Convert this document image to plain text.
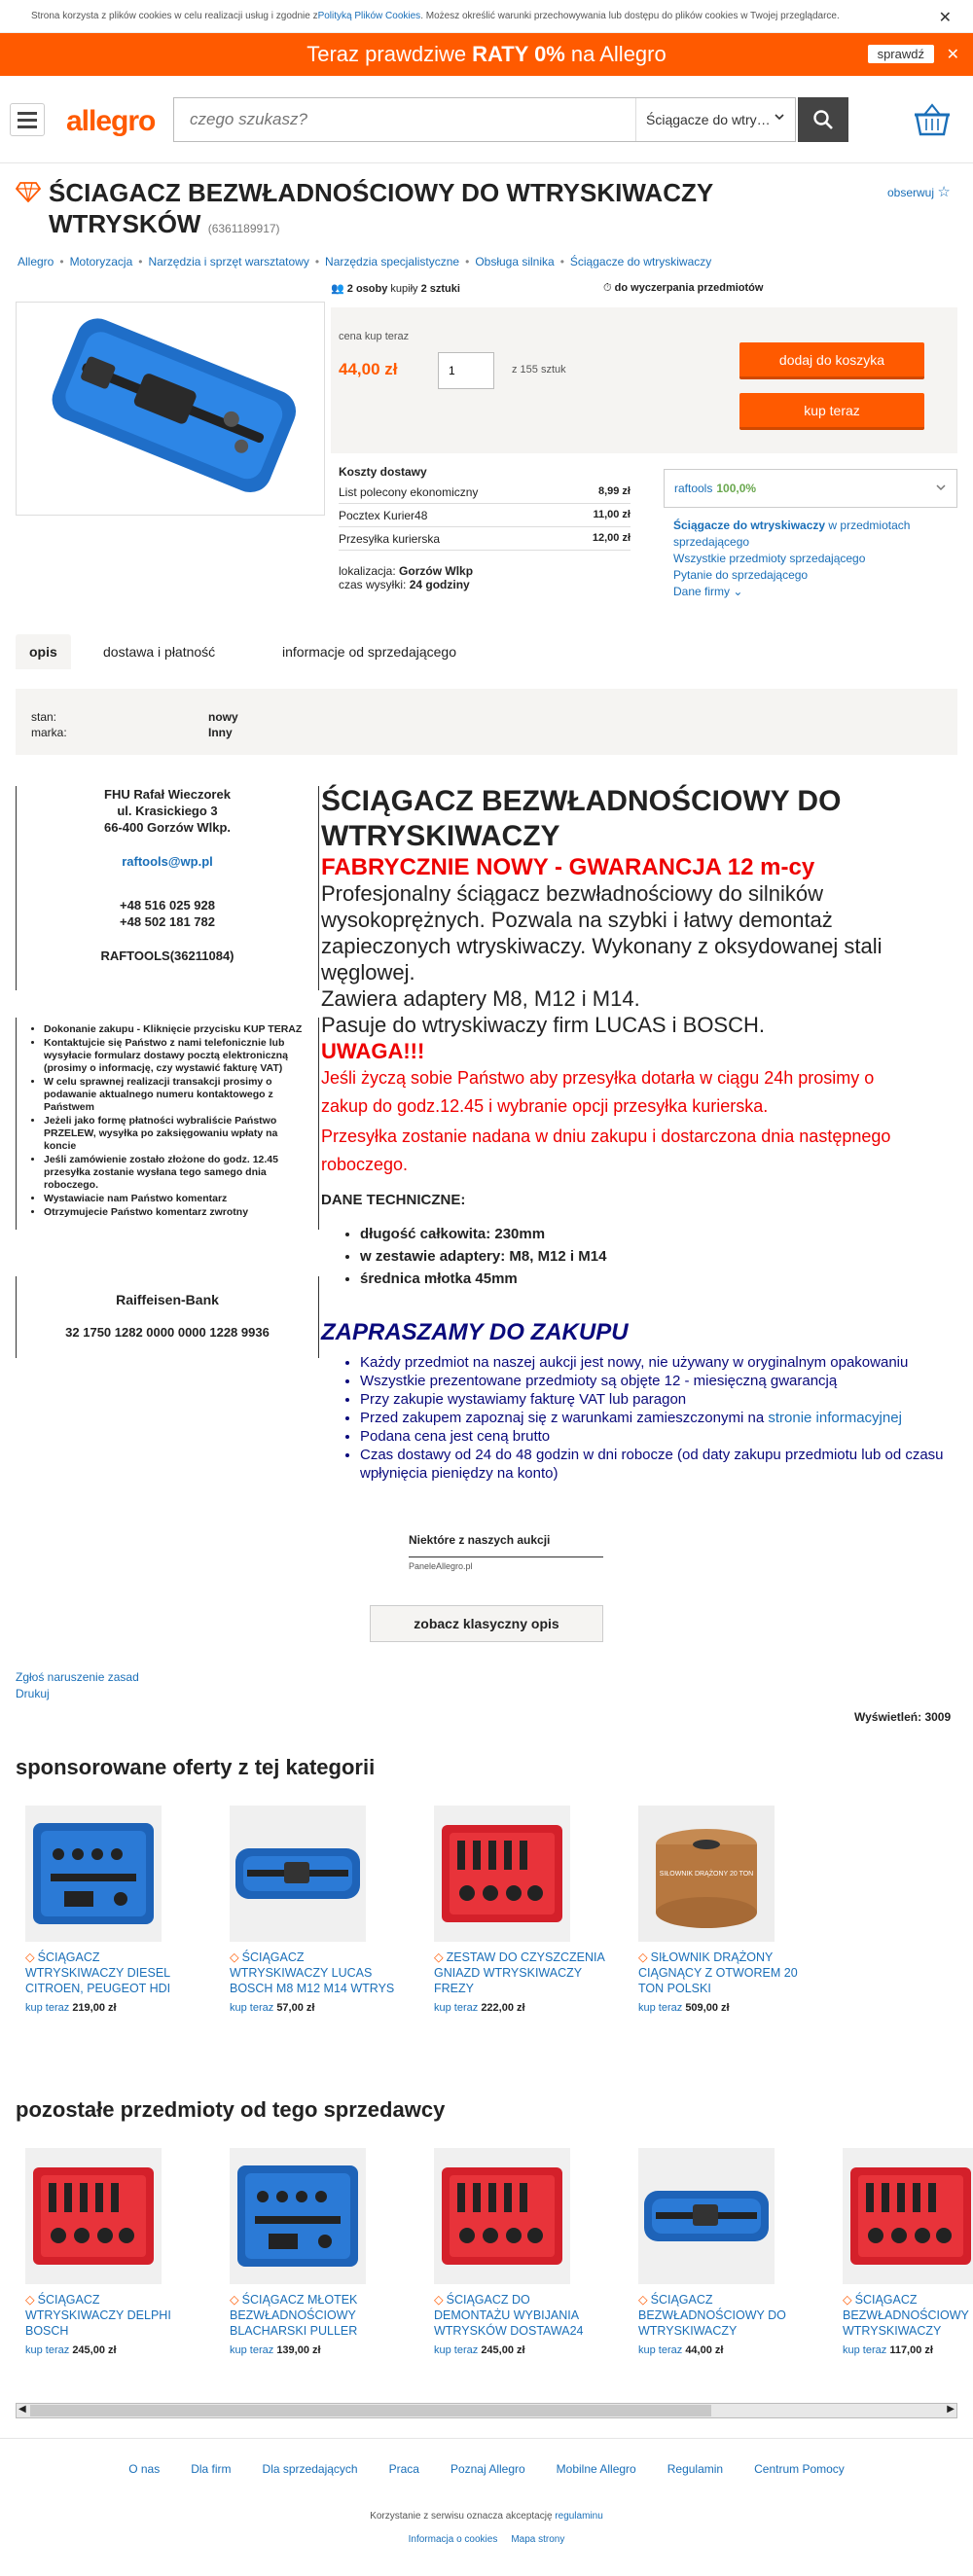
Strona korzysta z plików cookies w celu realizacji usług i zgodnie z Polityką Plików Cookies . Możesz określić warunki przechowywania lub dostępu do plików cookies w Twojej przeglądarce.	✕
Teraz prawdziwe RATY 0% na Allegro	sprawdź	✕
allegro
czego szukasz?	Ściągacze do wtry…
ŚCIAGACZ BEZWŁADNOŚCIOWY DO WTRYSKIWACZY WTRYSKÓW (6361189917)
obserwuj ☆
Allegro • Motoryzacja • Narzędzia i sprzęt warsztatowy • Narzędzia specjalistyczne • Obsługa silnika • Ściągacze do wtryskiwaczy
👥 2 osoby kupiły 2 sztuki	⏱ do wyczerpania przedmiotów
cena kup teraz
44,00 zł
1	z 155 sztuk
dodaj do koszyka
kup teraz
Koszty dostawy
List polecony ekonomiczny	8,99 zł
Pocztex Kurier48	11,00 zł
Przesyłka kurierska	12,00 zł
lokalizacja: Gorzów Wlkp
czas wysyłki: 24 godziny
raftools 100,0%
Ściągacze do wtryskiwaczy w przedmiotach sprzedającego
Wszystkie przedmioty sprzedającego
Pytanie do sprzedającego
Dane firmy ⌄
opis	dostawa i płatność	informacje od sprzedającego
stan:	nowy
marka:	Inny
FHU Rafał Wieczorek
ul. Krasickiego 3
66-400 Gorzów Wlkp.
raftools@wp.pl
+48 516 025 928
+48 502 181 782
RAFTOOLS(36211084)
• Dokonanie zakupu - Kliknięcie przycisku KUP TERAZ
• Kontaktujcie się Państwo z nami telefonicznie lub wysyłacie formularz dostawy pocztą elektroniczną (prosimy o informację, czy wystawić fakturę VAT)
• W celu sprawnej realizacji transakcji prosimy o podawanie aktualnego numeru kontaktowego z Państwem
• Jeżeli jako formę płatności wybraliście Państwo PRZELEW, wysyłka po zaksięgowaniu wpłaty na koncie
• Jeśli zamówienie zostało złożone do godz. 12.45 przesyłka zostanie wysłana tego samego dnia roboczego.
• Wystawiacie nam Państwo komentarz
• Otrzymujecie Państwo komentarz zwrotny
Raiffeisen-Bank
32 1750 1282 0000 0000 1228 9936
ŚCIĄGACZ BEZWŁADNOŚCIOWY DO WTRYSKIWACZY
FABRYCZNIE NOWY - GWARANCJA 12 m-cy
Profesjonalny ściągacz bezwładnościowy do silników wysokoprężnych. Pozwala na szybki i łatwy demontaż zapieczonych wtryskiwaczy. Wykonany z oksydowanej stali węglowej.
Zawiera adaptery M8, M12 i M14.
Pasuje do wtryskiwaczy firm LUCAS i BOSCH.
UWAGA!!!
Jeśli życzą sobie Państwo aby przesyłka dotarła w ciągu 24h prosimy o zakup do godz.12.45 i wybranie opcji przesyłka kurierska.
Przesyłka zostanie nadana w dniu zakupu i dostarczona dnia następnego roboczego.
DANE TECHNICZNE:
• długość całkowita: 230mm
• w zestawie adaptery: M8, M12 i M14
• średnica młotka 45mm
ZAPRASZAMY DO ZAKUPU
• Każdy przedmiot na naszej aukcji jest nowy, nie używany w oryginalnym opakowaniu
• Wszystkie prezentowane przedmioty są objęte 12 - miesięczną gwarancją
• Przy zakupie wystawiamy fakturę VAT lub paragon
• Przed zakupem zapoznaj się z warunkami zamieszczonymi na stronie informacyjnej
• Podana cena jest ceną brutto
• Czas dostawy od 24 do 48 godzin w dni robocze (od daty zakupu przedmiotu lub od czasu wpłynięcia pieniędzy na konto)
Niektóre z naszych aukcji
PanelеAllegro.pl
zobacz klasyczny opis
Zgłoś naruszenie zasad
Drukuj
Wyświetleń: 3009
sponsorowane oferty z tej kategorii
◇ ŚCIĄGACZ WTRYSKIWACZY DIESEL CITROEN, PEUGEOT HDI
kup teraz 219,00 zł
◇ ŚCIĄGACZ WTRYSKIWACZY LUCAS BOSCH M8 M12 M14 WTRYS
kup teraz 57,00 zł
◇ ZESTAW DO CZYSZCZENIA GNIAZD WTRYSKIWACZY FREZY
kup teraz 222,00 zł
SIŁOWNIK DRĄŻONY 20 TON
◇ SIŁOWNIK DRĄŻONY CIĄGNĄCY Z OTWOREM 20 TON POLSKI
kup teraz 509,00 zł
pozostałe przedmioty od tego sprzedawcy
◇ ŚCIĄGACZ WTRYSKIWACZY DELPHI BOSCH
kup teraz 245,00 zł
◇ ŚCIĄGACZ MŁOTEK BEZWŁADNOŚCIOWY BLACHARSKI PULLER
kup teraz 139,00 zł
◇ ŚCIĄGACZ DO DEMONTAŻU WYBIJANIA WTRYSKÓW DOSTAWA24
kup teraz 245,00 zł
◇ ŚCIĄGACZ BEZWŁADNOŚCIOWY DO WTRYSKIWACZY
kup teraz 44,00 zł
◇ ŚCIĄGACZ BEZWŁADNOŚCIOWY WTRYSKIWACZY
kup teraz 117,00 zł
◀	▶
O nas	Dla firm	Dla sprzedających	Praca	Poznaj Allegro	Mobilne Allegro	Regulamin	Centrum Pomocy
Korzystanie z serwisu oznacza akceptację regulaminu
Informacja o cookies Mapa strony
